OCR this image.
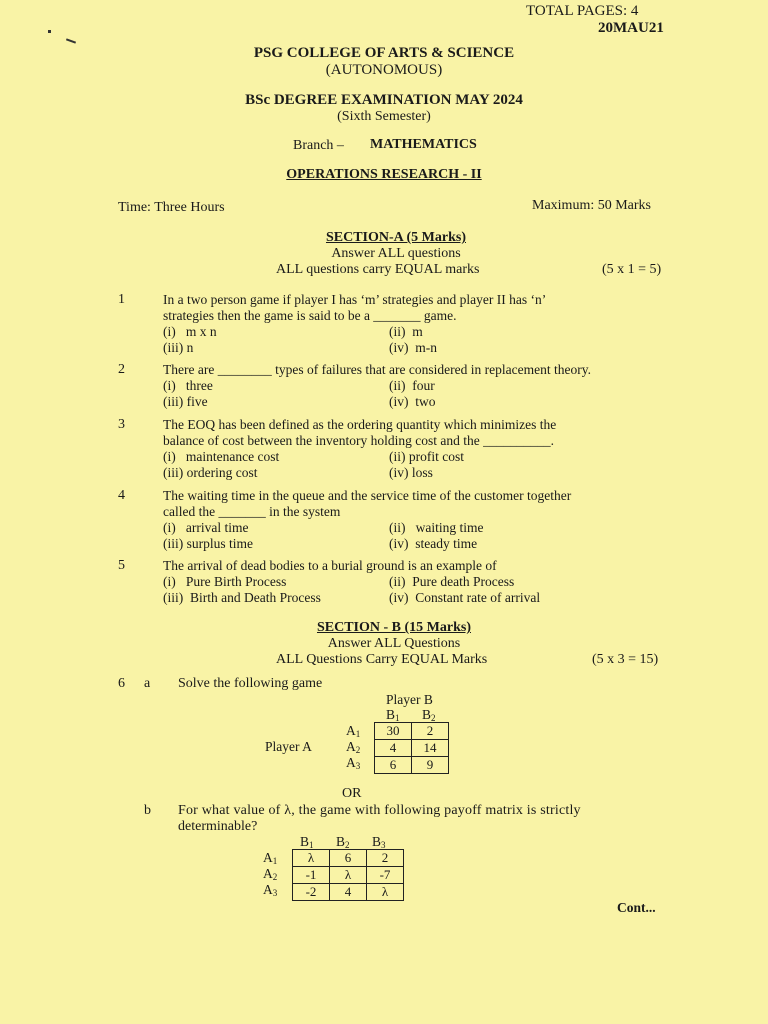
TOTAL PAGES: 4
20MAU21
PSG COLLEGE OF ARTS & SCIENCE
(AUTONOMOUS)
BSc DEGREE EXAMINATION MAY 2024
(Sixth Semester)
Branch – MATHEMATICS
OPERATIONS RESEARCH - II
Time: Three Hours	Maximum: 50 Marks
SECTION-A (5 Marks)
Answer ALL questions
ALL questions carry EQUAL marks	(5 x 1 = 5)
1	In a two person game if player I has ‘m’ strategies and player II has ‘n’
strategies then the game is said to be a _______ game.
(i)   m x n	(ii)  m
(iii) n	(iv)  m-n
2	There are ________ types of failures that are considered in replacement theory.
(i)   three	(ii)  four
(iii) five	(iv)  two
3	The EOQ has been defined as the ordering quantity which minimizes the
balance of cost between the inventory holding cost and the __________.
(i)   maintenance cost	(ii) profit cost
(iii) ordering cost	(iv) loss
4	The waiting time in the queue and the service time of the customer together
called the _______ in the system
(i)   arrival time	(ii)   waiting time
(iii) surplus time	(iv)  steady time
5	The arrival of dead bodies to a burial ground is an example of
(i)   Pure Birth Process	(ii)  Pure death Process
(iii)  Birth and Death Process	(iv)  Constant rate of arrival
SECTION - B (15 Marks)
Answer ALL Questions
ALL Questions Carry EQUAL Marks	(5 x 3 = 15)
6 a Solve the following game
Player B
Player A
$B_1$ $B_2$
$A_1$
$A_2$
$A_3$
30	2
4	14
6	9
OR
b For what value of λ, the game with following payoff matrix is strictly
determinable?
$B_1$ $B_2$ $B_3$
$A_1$
$A_2$
$A_3$
λ	6	2
-1	λ	-7
-2	4	λ
Cont...
